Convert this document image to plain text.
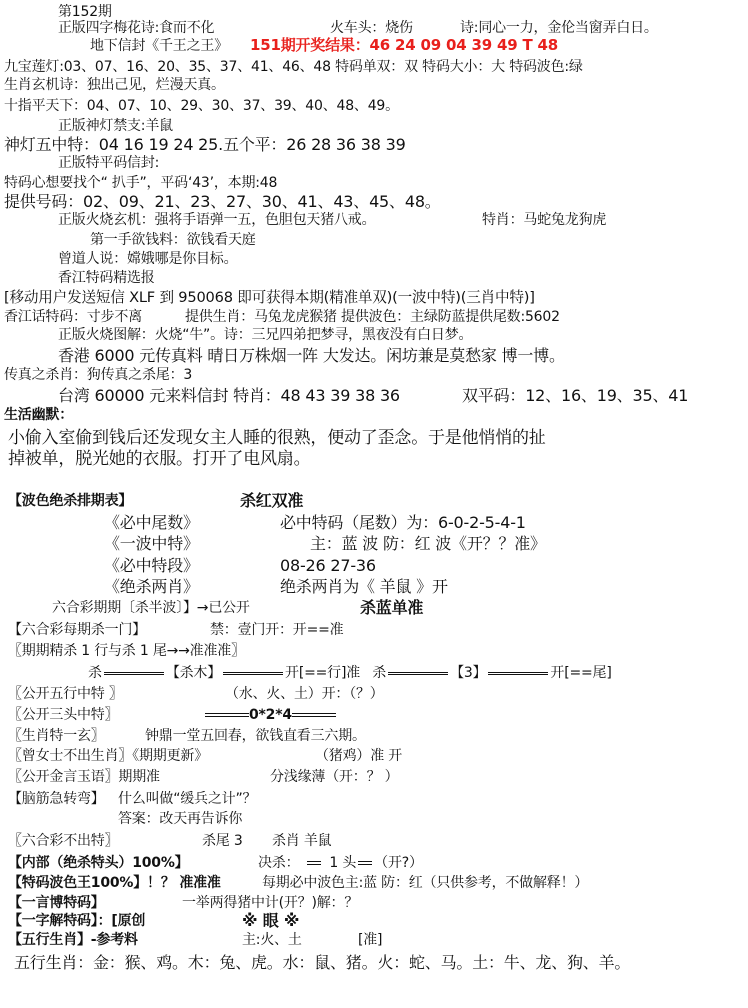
第152期
正版四字梅花诗:食而不化	火车头：烧伤	诗:同心一力，金伦当窗弄白日。
地下信封《千王之王》 151期开奖结果：46 24 09 04 39 49 T 48
九宝莲灯:03、07、16、20、35、37、41、46、48 特码单双：双 特码大小：大 特码波色:绿
生肖玄机诗：独出己见，烂漫天真。
十指平天下：04、07、10、29、30、37、39、40、48、49。
正版神灯禁支:羊鼠
神灯五中特：04 16 19 24 25.五个平：26 28 36 38 39
正版特平码信封:
特码心想要找个“ 扒手”，平码‘43’，本期:48
提供号码：02、09、21、23、27、30、41、43、45、48。
正版火烧玄机：强将手语弹一五，色胆包天猪八戒。	特肖：马蛇兔龙狗虎
第一手欲钱料：欲钱看天庭
曾道人说：嫦娥哪是你目标。
香江特码精选报
[移动用户发送短信 XLF 到 950068 即可获得本期(精准单双)(一波中特)(三肖中特)]
香江话特码：寸步不离	提供生肖：马兔龙虎猴猪 提供波色：主绿防蓝提供尾数:5602
正版火烧图解：火烧“牛”。诗：三兄四弟把梦寻，黑夜没有白日梦。
香港 6000 元传真料 晴日万株烟一阵 大发达。闲坊兼是莫愁家 博一博。
传真之杀肖：狗传真之杀尾：3
台湾 60000 元来料信封 特肖：48 43 39 38 36	双平码：12、16、19、35、41
生活幽默：
小偷入室偷到钱后还发现女主人睡的很熟，便动了歪念。于是他悄悄的扯
掉被单，脱光她的衣服。打开了电风扇。
【波色绝杀排期表】	杀红双准
《必中尾数》	必中特码（尾数）为：6-0-2-5-4-1
《一波中特》	主：蓝 波 防：红 波《开？？准》
《必中特段》	08-26 27-36
《绝杀两肖》	绝杀两肖为《 羊鼠 》开
六合彩期期〔杀半波〕】→已公开	杀蓝单准
【六合彩每期杀一门】	禁：壹门开：开==准
〖期期精杀 1 行与杀 1 尾→→准准准〗
杀	【杀木】	开[==行]准 杀	【3】	开[==尾]
〖公开五行中特 〗	（水、火、土）开：（？）
〖公开三头中特〗	0*2*4
〖生肖特一玄〗	钟鼎一堂五回春，欲钱直看三六期。
〖曾女士不出生肖〗《期期更新》	（猪鸡）准 开
〖公开金言玉语〗期期准	分浅缘薄（开：？ ）
【脑筋急转弯】 什么叫做“缓兵之计”？
答案：改天再告诉你
〖六合彩不出特〗	杀尾 3 杀肖 羊鼠
【内部（绝杀特头）100%】	决杀： 1 头 （开?）
【特码波色王100%】！？ 准准准	每期必中波色主:蓝 防：红（只供参考，不做解释！）
【一言博特码】	一举两得猪中计(开？)解：？
【一字解特码】：[原创	※ 眼 ※
【五行生肖】-参考料	主:火、土	[准]
五行生肖：金：猴、鸡。木：兔、虎。水：鼠、猪。火：蛇、马。土：牛、龙、狗、羊。
